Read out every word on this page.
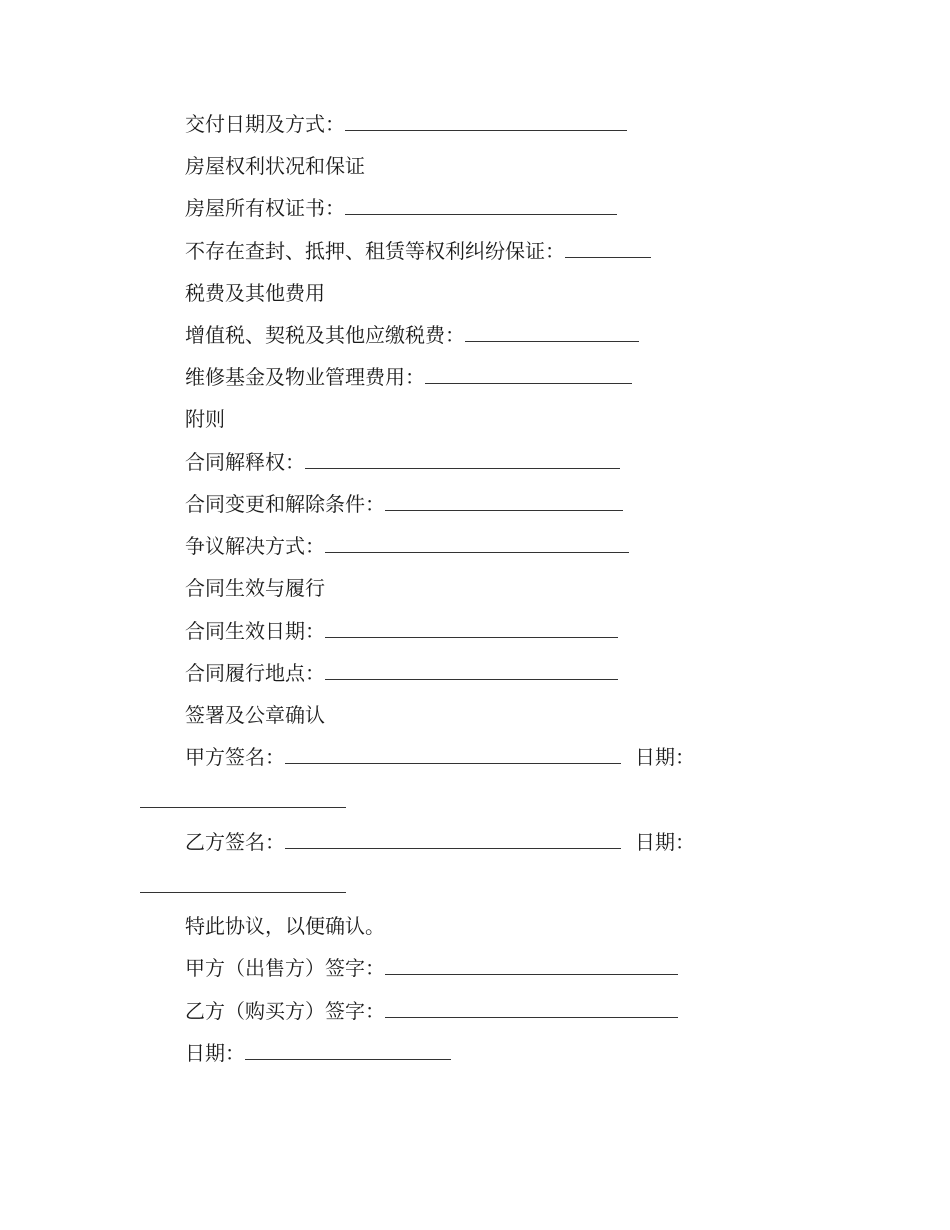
交付日期及方式：
房屋权利状况和保证
房屋所有权证书：
不存在查封、抵押、租赁等权利纠纷保证：
税费及其他费用
增值税、契税及其他应缴税费：
维修基金及物业管理费用：
附则
合同解释权：
合同变更和解除条件：
争议解决方式：
合同生效与履行
合同生效日期：
合同履行地点：
签署及公章确认
甲方签名：	日期：
乙方签名：	日期：
特此协议，以便确认。
甲方（出售方）签字：
乙方（购买方）签字：
日期：
